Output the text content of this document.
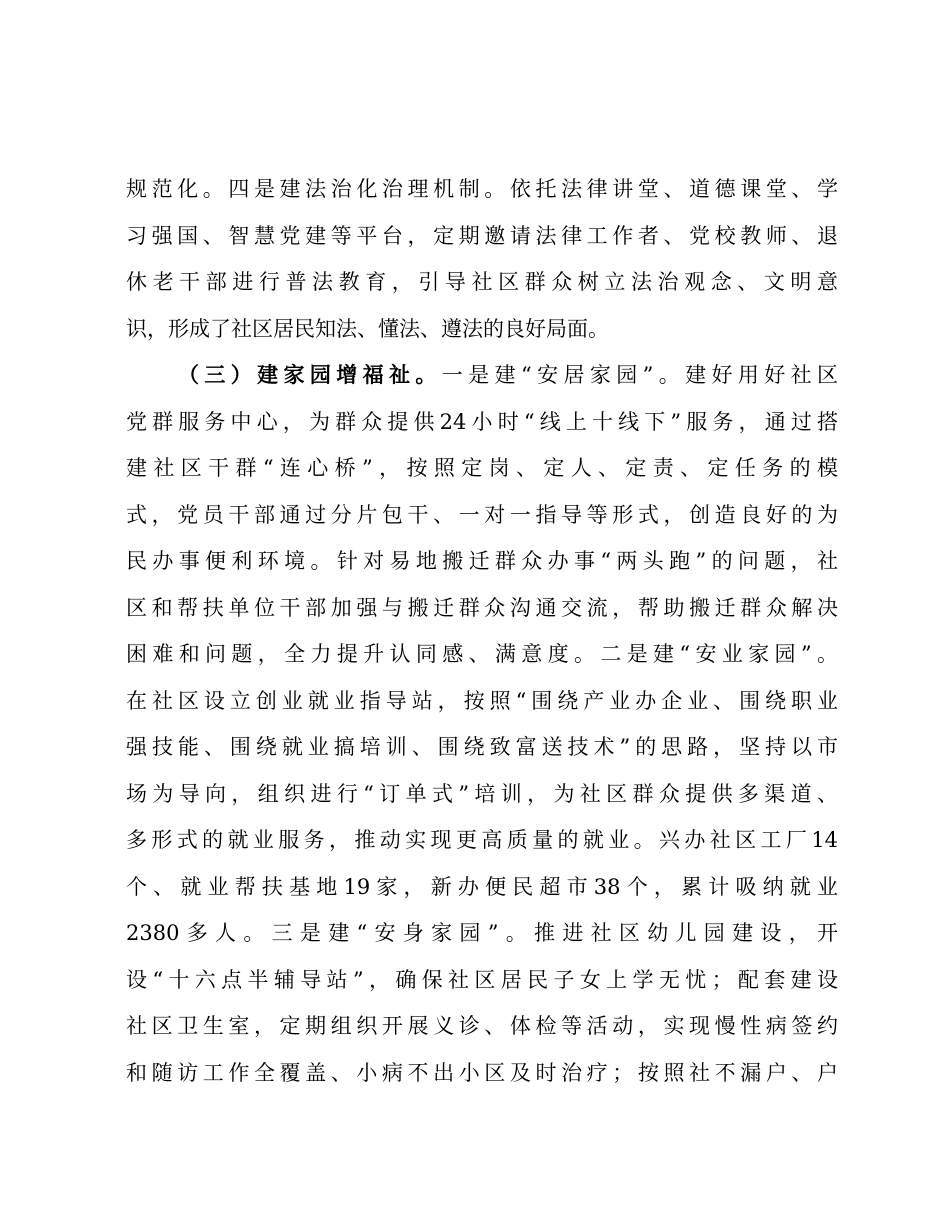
规范化。四是建法治化治理机制。依托法律讲堂、道德课堂、学
习强国、智慧党建等平台，定期邀请法律工作者、党校教师、退
休老干部进行普法教育，引导社区群众树立法治观念、文明意
识，形成了社区居民知法、懂法、遵法的良好局面。
（三）建家园增福祉。一是建“安居家园”。建好用好社区
党群服务中心，为群众提供24小时“线上十线下”服务，通过搭
建社区干群“连心桥”，按照定岗、定人、定责、定任务的模
式，党员干部通过分片包干、一对一指导等形式，创造良好的为
民办事便利环境。针对易地搬迁群众办事“两头跑”的问题，社
区和帮扶单位干部加强与搬迁群众沟通交流，帮助搬迁群众解决
困难和问题，全力提升认同感、满意度。二是建“安业家园”。
在社区设立创业就业指导站，按照“围绕产业办企业、围绕职业
强技能、围绕就业搞培训、围绕致富送技术”的思路，坚持以市
场为导向，组织进行“订单式”培训，为社区群众提供多渠道、
多形式的就业服务，推动实现更高质量的就业。兴办社区工厂14
个、就业帮扶基地19家，新办便民超市38个，累计吸纳就业
2380多人。三是建“安身家园”。推进社区幼儿园建设，开
设“十六点半辅导站”，确保社区居民子女上学无忧；配套建设
社区卫生室，定期组织开展义诊、体检等活动，实现慢性病签约
和随访工作全覆盖、小病不出小区及时治疗；按照社不漏户、户
